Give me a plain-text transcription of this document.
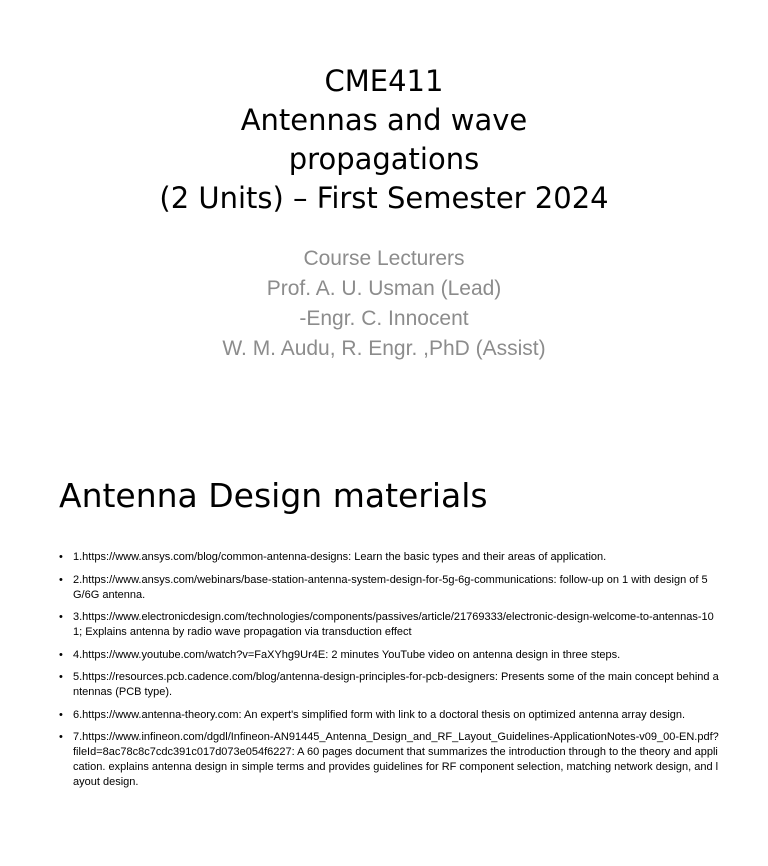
CME411
Antennas and wave
propagations
(2 Units) – First Semester 2024
Course Lecturers
Prof. A. U. Usman (Lead)
-Engr. C. Innocent
W. M. Audu, R. Engr. ,PhD (Assist)
Antenna Design materials
• 1.https://www.ansys.com/blog/common-antenna-designs: Learn the basic types and their areas of application.
• 2.https://www.ansys.com/webinars/base-station-antenna-system-design-for-5g-6g-communications: follow-up on 1 with design of 5G/6G antenna.
• 3.https://www.electronicdesign.com/technologies/components/passives/article/21769333/electronic-design-welcome-to-antennas-101; Explains antenna by radio wave propagation via transduction effect
• 4.https://www.youtube.com/watch?v=FaXYhg9Ur4E: 2 minutes YouTube video on antenna design in three steps.
• 5.https://resources.pcb.cadence.com/blog/antenna-design-principles-for-pcb-designers: Presents some of the main concept behind antennas (PCB type).
• 6.https://www.antenna-theory.com: An expert's simplified form with link to a doctoral thesis on optimized antenna array design.
• 7.https://www.infineon.com/dgdl/Infineon-AN91445_Antenna_Design_and_RF_Layout_Guidelines-ApplicationNotes-v09_00-EN.pdf?fileId=8ac78c8c7cdc391c017d073e054f6227: A 60 pages document that summarizes the introduction through to the theory and application. explains antenna design in simple terms and provides guidelines for RF component selection, matching network design, and layout design.
